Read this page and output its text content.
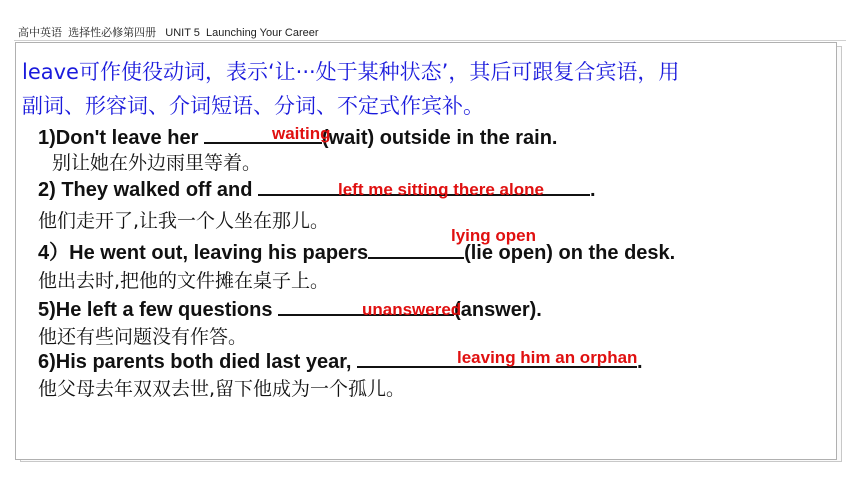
高中英语  选择性必修第四册   UNIT 5  Launching Your Career
leave可作使役动词，表示‘让···处于某种状态’，其后可跟复合宾语，用
副词、形容词、介词短语、分词、不定式作宾补。
1)Don't leave her	(wait) outside in the rain.
waiting
别让她在外边雨里等着。
2) They walked off and	.
left me sitting there alone
他们走开了,让我一个人坐在那儿。
4）He went out, leaving his papers	(lie open) on the desk.
lying open
他出去时,把他的文件摊在桌子上。
5)He left a few questions	(answer).
unanswered
他还有些问题没有作答。
6)His parents both died last year,	.
leaving him an orphan
他父母去年双双去世,留下他成为一个孤儿。
